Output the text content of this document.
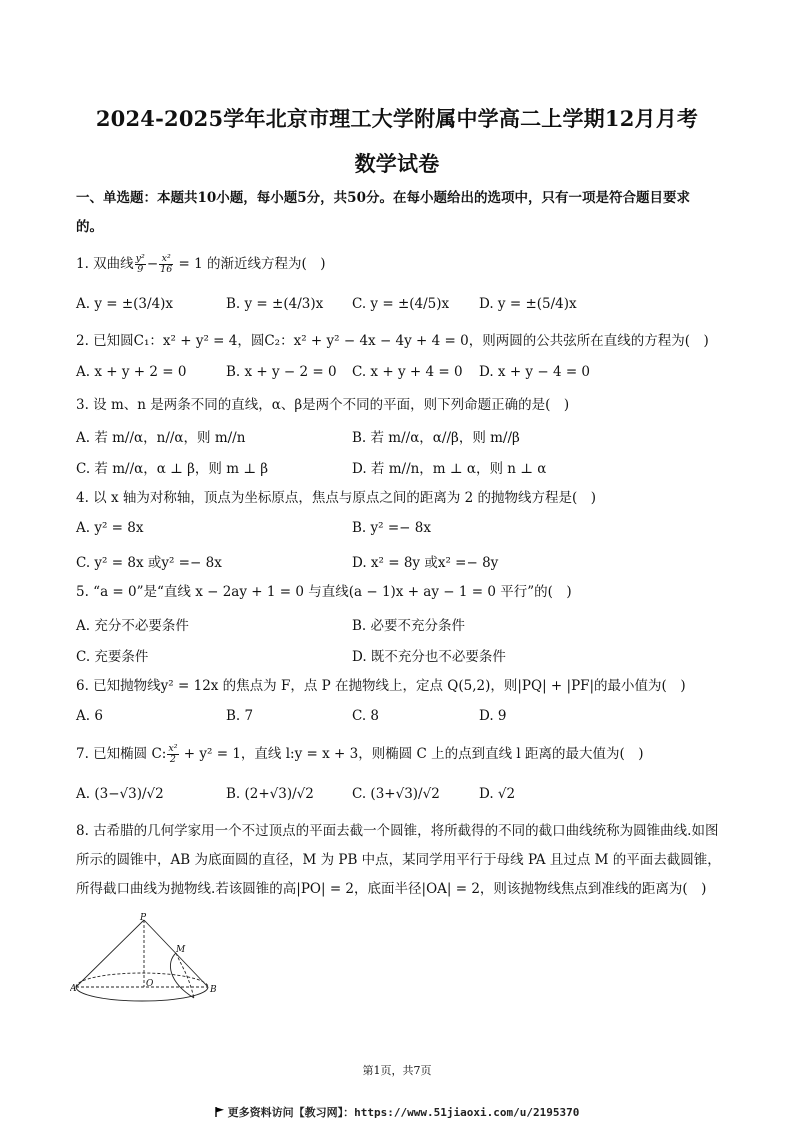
2024-2025学年北京市理工大学附属中学高二上学期12月月考
数学试卷
一、单选题：本题共10小题，每小题5分，共50分。在每小题给出的选项中，只有一项是符合题目要求
的。
1. 双曲线 $\frac{\text{y²}}{9} - \frac{\text{x²}}{16} = 1$ 的渐近线方程为(　)
A. y = ±(3/4)x	B. y = ±(4/3)x C. y = ±(4/5)x D. y = ±(5/4)x
2. 已知圆C₁：x² + y² = 4，圆C₂：x² + y² − 4x − 4y + 4 = 0，则两圆的公共弦所在直线的方程为(　)
A. x + y + 2 = 0	B. x + y − 2 = 0 C. x + y + 4 = 0 D. x + y − 4 = 0
3. 设 m、n 是两条不同的直线，α、β是两个不同的平面，则下列命题正确的是(　)
A. 若 m//α，n//α，则 m//n	B. 若 m//α，α//β，则 m//β
C. 若 m//α，α ⊥ β，则 m ⊥ β	D. 若 m//n，m ⊥ α，则 n ⊥ α
4. 以 x 轴为对称轴，顶点为坐标原点，焦点与原点之间的距离为 2 的抛物线方程是(　)
A. y² = 8x	B. y² =− 8x
C. y² = 8x 或y² =− 8x	D. x² = 8y 或x² =− 8y
5. “a = 0”是“直线 x − 2ay + 1 = 0 与直线(a − 1)x + ay − 1 = 0 平行”的(　)
A. 充分不必要条件	B. 必要不充分条件
C. 充要条件	D. 既不充分也不必要条件
6. 已知抛物线y² = 12x 的焦点为 F，点 P 在抛物线上，定点 Q(5,2)，则|PQ| + |PF|的最小值为(　)
A. 6	B. 7	C. 8	D. 9
7. 已知椭圆 C: $\frac{\text{x²}}{2} + y^2 = 1$，直线 l:y = x + 3，则椭圆 C 上的点到直线 l 距离的最大值为(　)
A. (3−√3)/√2	B. (2+√3)/√2	C. (3+√3)/√2	D. √2
8. 古希腊的几何学家用一个不过顶点的平面去截一个圆锥，将所截得的不同的截口曲线统称为圆锥曲线.如图所示的圆锥中，AB 为底面圆的直径，M 为 PB 中点，某同学用平行于母线 PA 且过点 M 的平面去截圆锥，所得截口曲线为抛物线.若该圆锥的高|PO| = 2，底面半径|OA| = 2，则该抛物线焦点到准线的距离为(　)
P
M
A	O
B
第1页，共7页
更多资料访问【教习网】：https://www.51jiaoxi.com/u/2195370
